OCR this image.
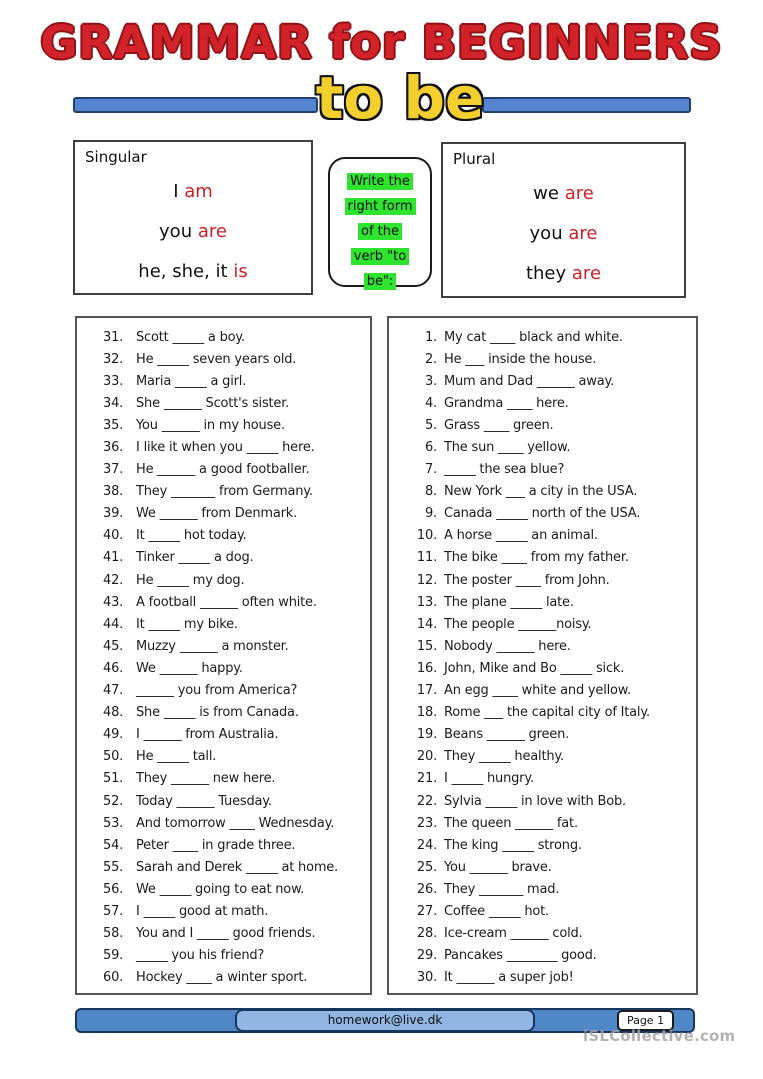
GRAMMAR for BEGINNERS
to be
Singular
I am
you are
he, she, it is
Write the
right form
of the
verb "to
be":
Plural
we are
you are
they are
31. Scott _____ a boy.
32. He _____ seven years old.
33. Maria _____ a girl.
34. She ______ Scott's sister.
35. You ______ in my house.
36. I like it when you _____ here.
37. He ______ a good footballer.
38. They _______ from Germany.
39. We ______ from Denmark.
40. It _____ hot today.
41. Tinker _____ a dog.
42. He _____ my dog.
43. A football ______ often white.
44. It _____ my bike.
45. Muzzy ______ a monster.
46. We ______ happy.
47. ______ you from America?
48. She _____ is from Canada.
49. I ______ from Australia.
50. He _____ tall.
51. They ______ new here.
52. Today ______ Tuesday.
53. And tomorrow ____ Wednesday.
54. Peter ____ in grade three.
55. Sarah and Derek _____ at home.
56. We _____ going to eat now.
57. I _____ good at math.
58. You and I _____ good friends.
59. _____ you his friend?
60. Hockey ____ a winter sport.
1. My cat ____ black and white.
2. He ___ inside the house.
3. Mum and Dad ______ away.
4. Grandma ____ here.
5. Grass ____ green.
6. The sun ____ yellow.
7. _____ the sea blue?
8. New York ___ a city in the USA.
9. Canada _____ north of the USA.
10. A horse _____ an animal.
11. The bike ____ from my father.
12. The poster ____ from John.
13. The plane _____ late.
14. The people ______noisy.
15. Nobody ______ here.
16. John, Mike and Bo _____ sick.
17. An egg ____ white and yellow.
18. Rome ___ the capital city of Italy.
19. Beans ______ green.
20. They _____ healthy.
21. I _____ hungry.
22. Sylvia _____ in love with Bob.
23. The queen ______ fat.
24. The king _____ strong.
25. You ______ brave.
26. They _______ mad.
27. Coffee _____ hot.
28. Ice-cream ______ cold.
29. Pancakes ________ good.
30. It ______ a super job!
homework@live.dk	Page 1
iSLCollective.com
